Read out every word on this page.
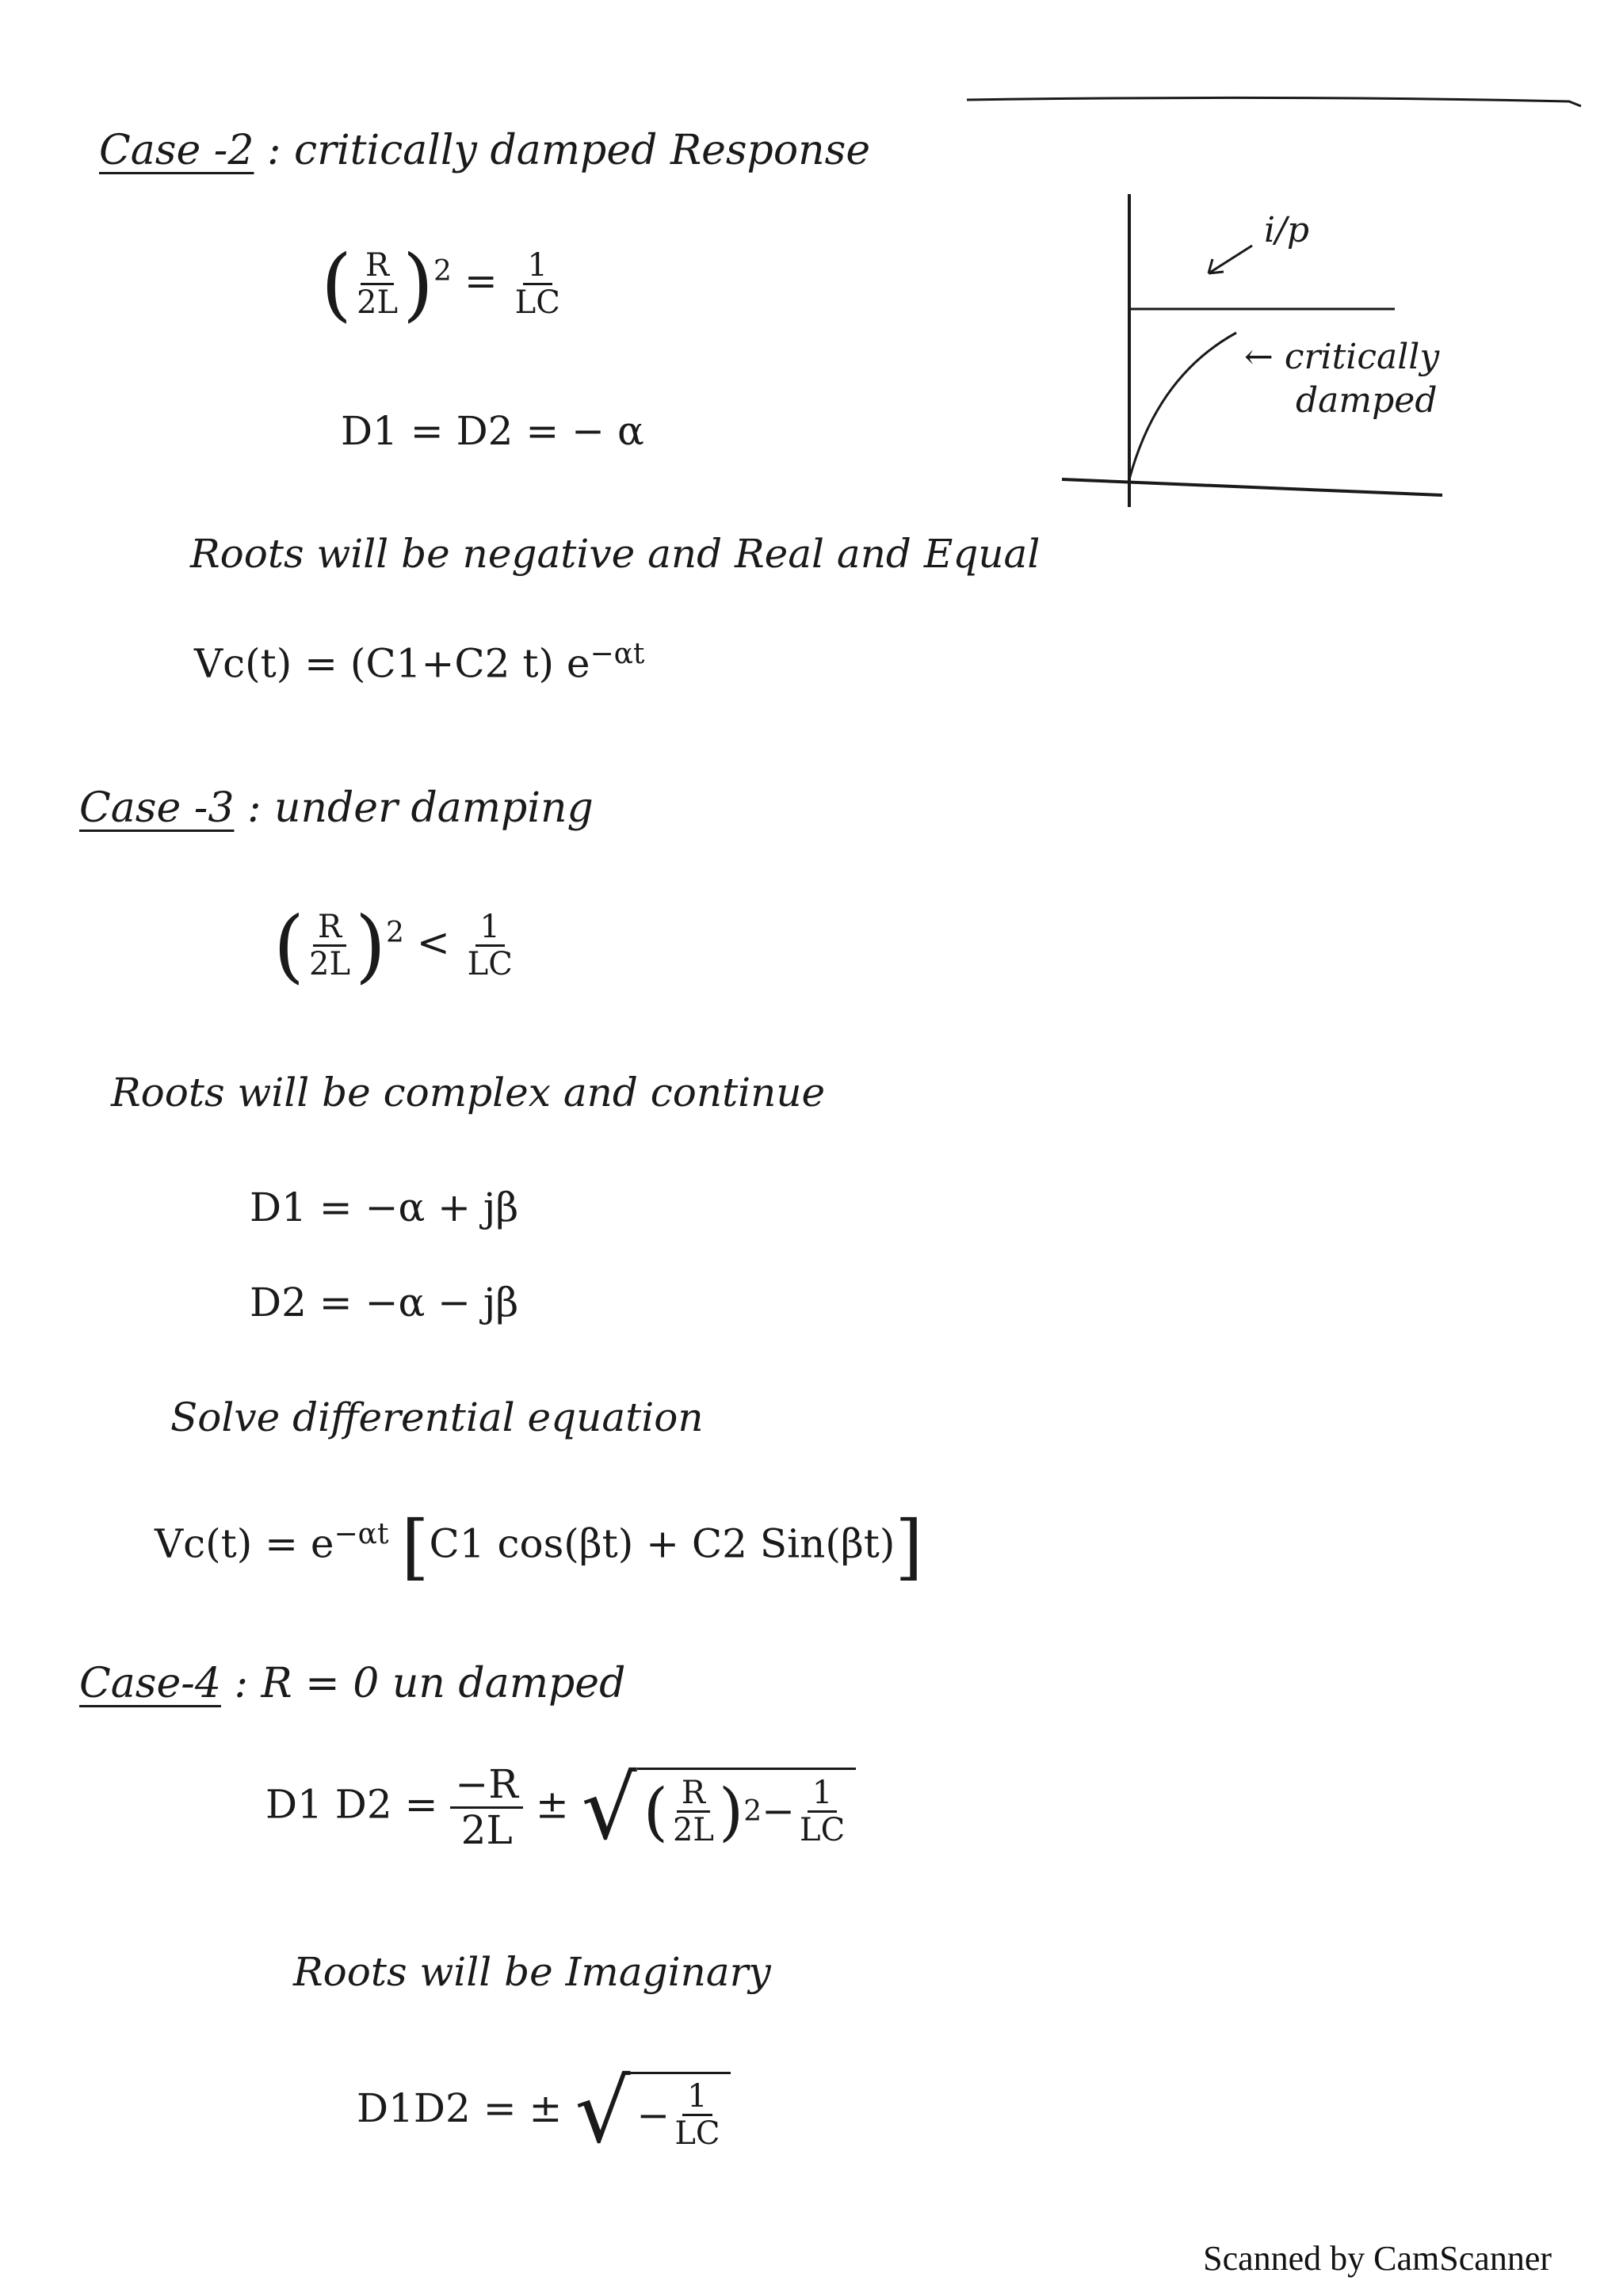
Case -2 : critically damped Response
( $\frac{R}{2L} )^2 = \frac{1}{LC}$
D1 = D2 = − α
Roots will be negative and Real and Equal
Vc(t) = (C1+C2 t) $e^{-\alpha t}$
i/p
← critically
damped
Case -3 : under damping
( $\frac{R}{2L} )^2 < \frac{1}{LC}$
Roots will be complex and continue
D1 = −α + jβ
D2 = −α − jβ
Solve differential equation
$Vc(t) = e^{-\alpha t}$ [C1 cos(βt) + C2 Sin(βt)]
Case-4 : R = 0 un damped
D1 $D2 = \frac{-R}{2L}$ ± √ ( $\frac{R}{2L}$ ) $2 - \frac{1}{LC}$
Roots will be Imaginary
D1D2 = ± √ − $\frac{1}{LC}$
Scanned by CamScanner
